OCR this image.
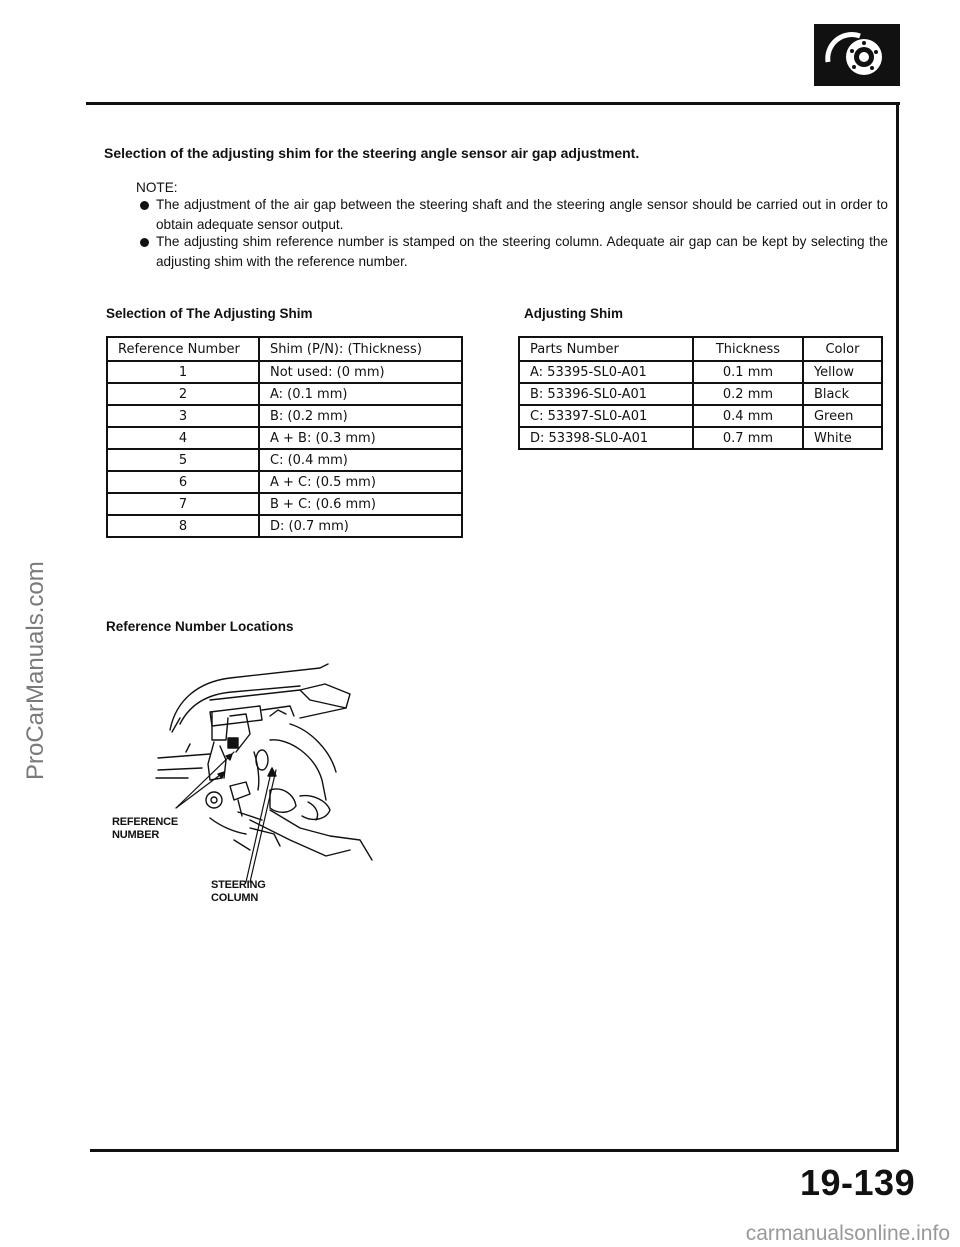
Selection of the adjusting shim for the steering angle sensor air gap adjustment.
NOTE:
The adjustment of the air gap between the steering shaft and the steering angle sensor should be carried out in order to obtain adequate sensor output.
The adjusting shim reference number is stamped on the steering column. Adequate air gap can be kept by selecting the adjusting shim with the reference number.
Selection of The Adjusting Shim
Reference Number	Shim (P/N): (Thickness)
1	Not used: (0 mm)
2	A: (0.1 mm)
3	B: (0.2 mm)
4	A + B: (0.3 mm)
5	C: (0.4 mm)
6	A + C: (0.5 mm)
7	B + C: (0.6 mm)
8	D: (0.7 mm)
Adjusting Shim
Parts Number	Thickness	Color
A: 53395-SL0-A01	0.1 mm	Yellow
B: 53396-SL0-A01	0.2 mm	Black
C: 53397-SL0-A01	0.4 mm	Green
D: 53398-SL0-A01	0.7 mm	White
Reference Number Locations
REFERENCE
NUMBER
STEERING
COLUMN
19-139
ProCarManuals.com
carmanualsonline.info
